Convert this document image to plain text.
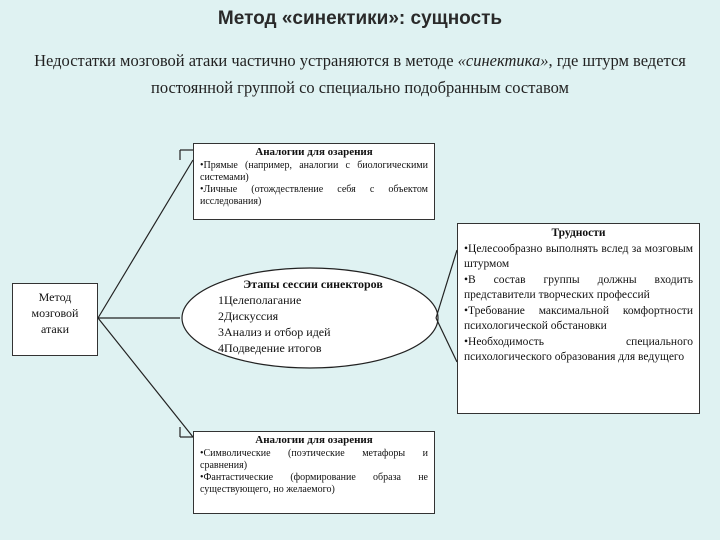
Метод «синектики»: сущность
Недостатки мозговой атаки частично устраняются в методе «синектика», где штурм ведется постоянной группой со специально подобранным составом
Аналогии для озарения
•Прямые (например, аналогии с биологическими системами)
•Личные (отождествление себя с объектом исследования)
Метод мозговой атаки
Этапы сессии синекторов
1Целеполагание
2Дискуссия
3Анализ и отбор идей
4Подведение итогов
Трудности
•Целесообразно выполнять вслед за мозговым штурмом
•В состав группы должны входить представители творческих профессий
•Требование максимальной комфортности психологической обстановки
•Необходимость специального психологического образования для ведущего
Аналогии для озарения
•Символические (поэтические метафоры и сравнения)
•Фантастические (формирование образа не существующего, но желаемого)
